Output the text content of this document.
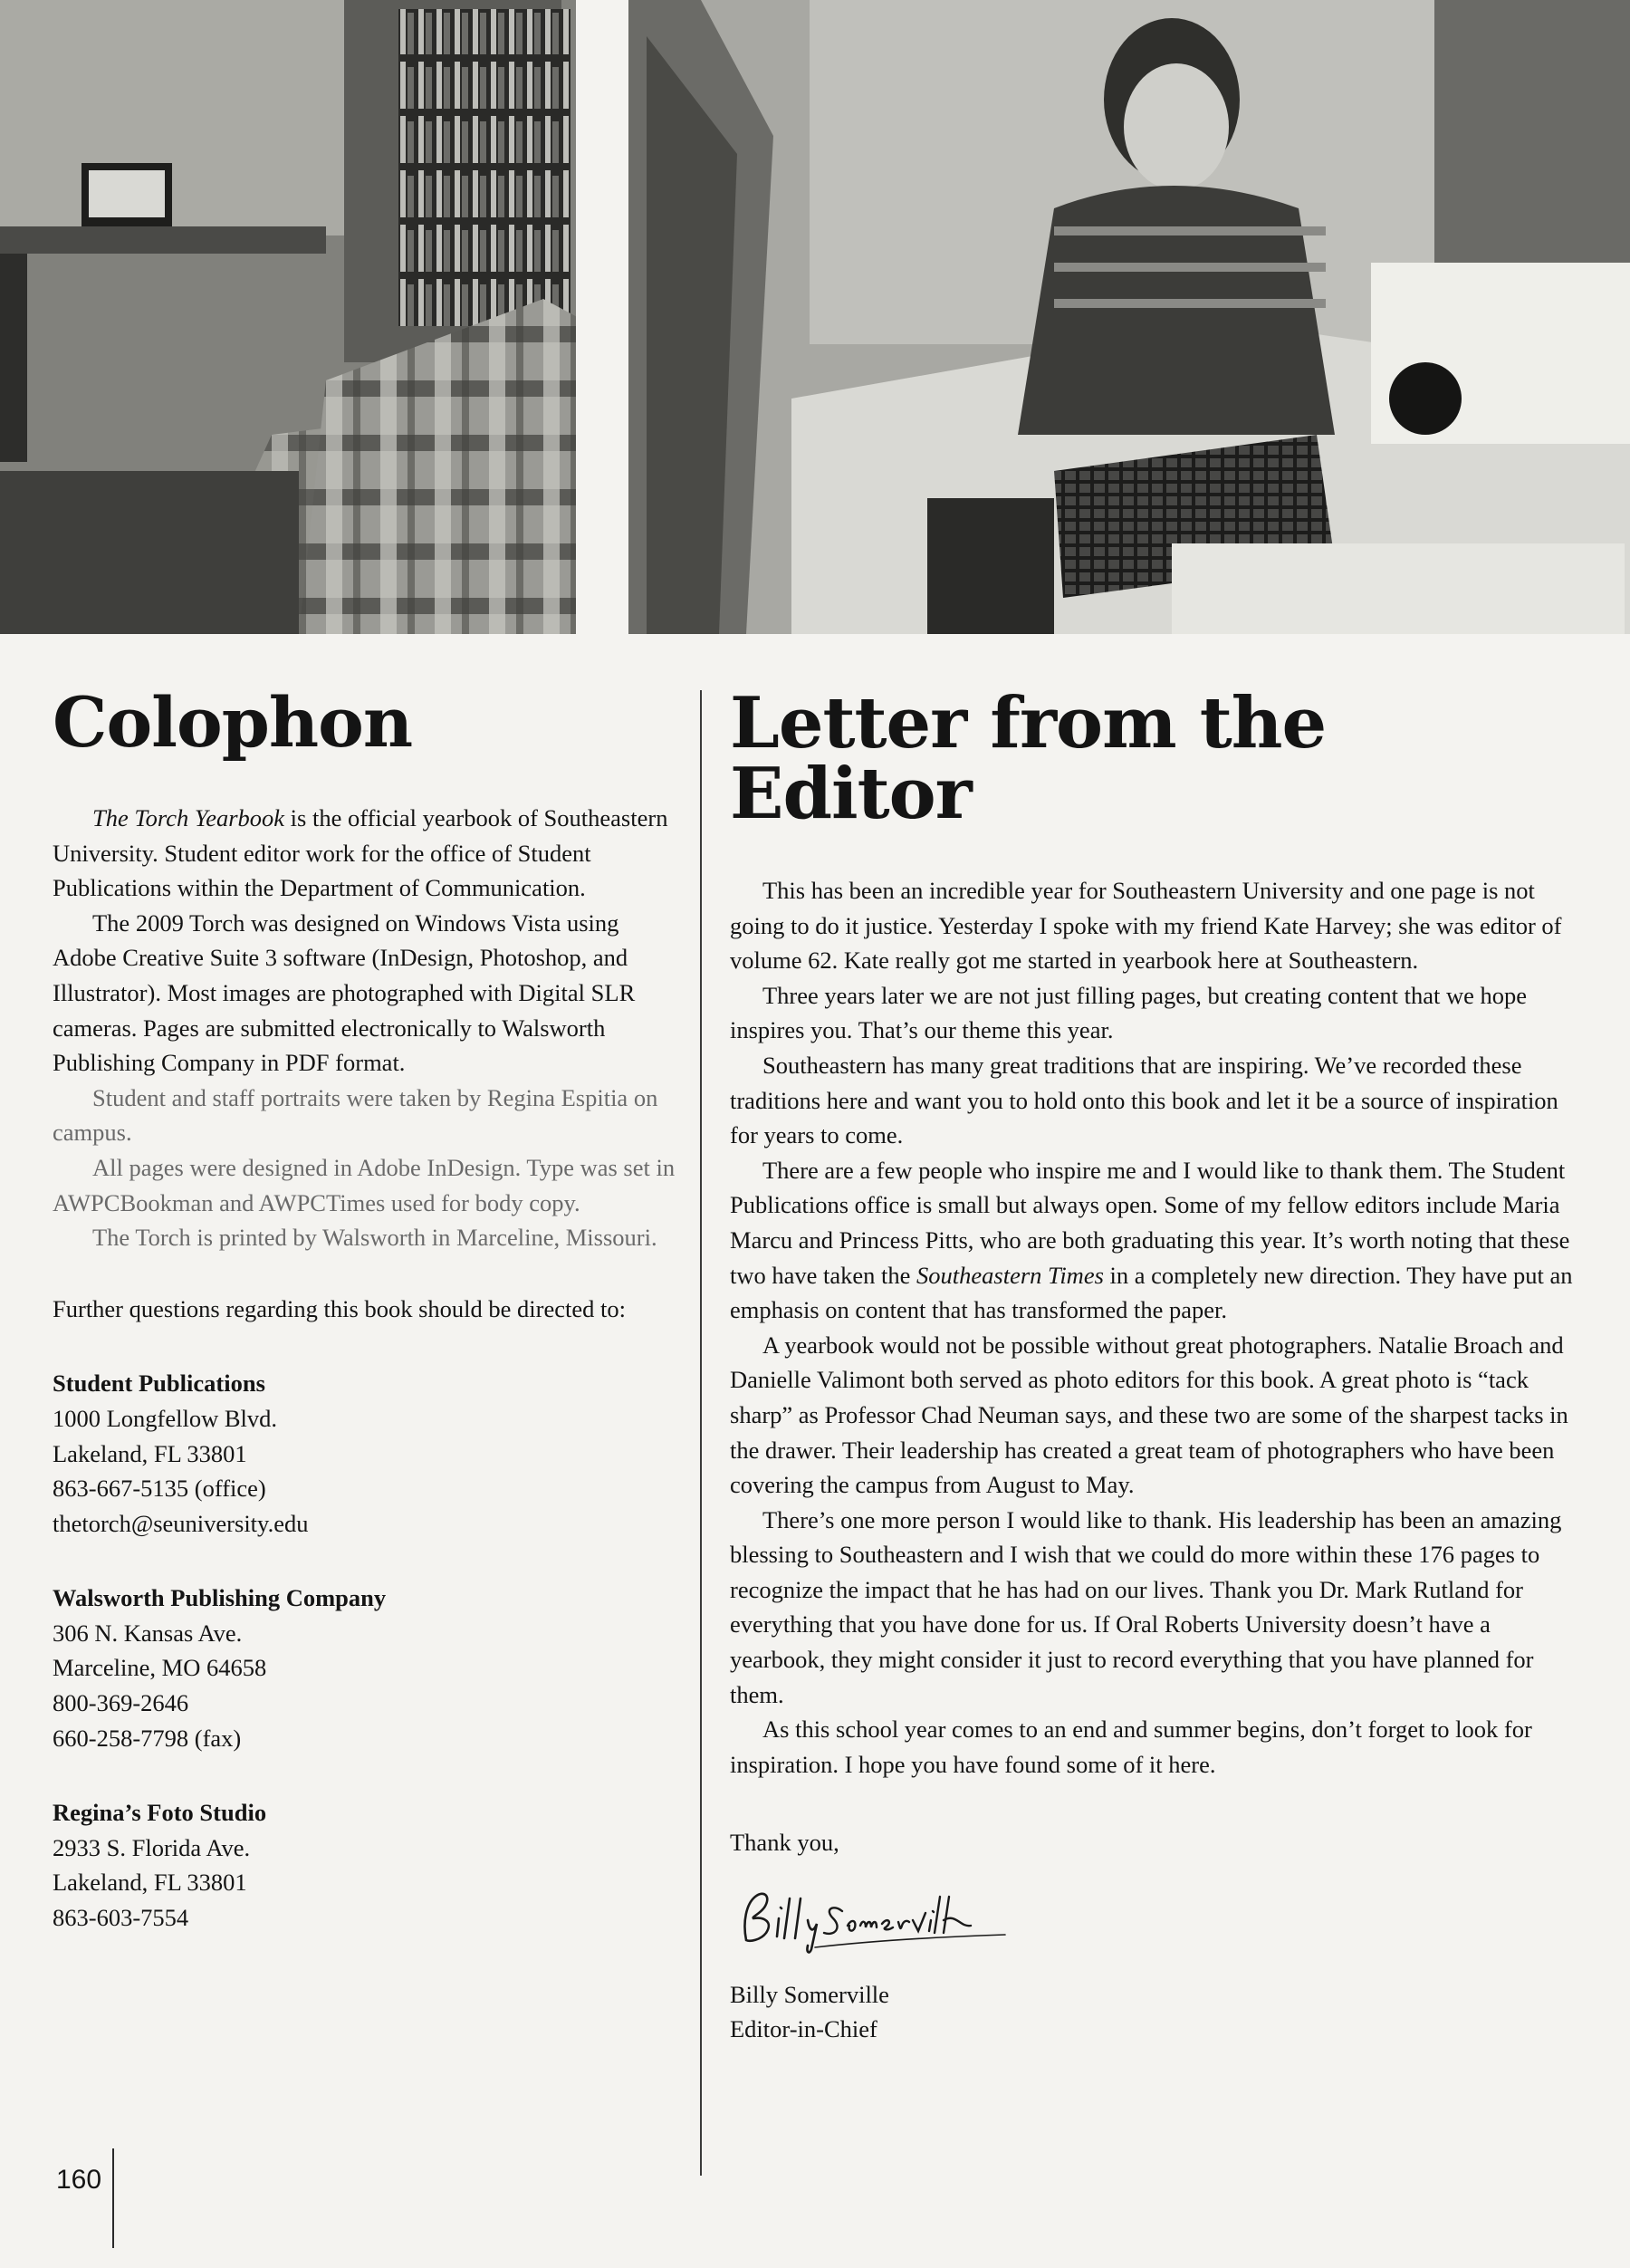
Colophon

The Torch Yearbook is the official yearbook of Southeastern University. Student editor work for the office of Student Publications within the Department of Communication.

The 2009 Torch was designed on Windows Vista using Adobe Creative Suite 3 software (InDesign, Photoshop, and Illustrator). Most images are photographed with Digital SLR cameras. Pages are submitted electronically to Walsworth Publishing Company in PDF format.

Student and staff portraits were taken by Regina Espitia on campus.

All pages were designed in Adobe InDesign. Type was set in AWPCBookman and AWPCTimes used for body copy.

The Torch is printed by Walsworth in Marceline, Missouri.

Further questions regarding this book should be directed to:

Student Publications
1000 Longfellow Blvd.
Lakeland, FL 33801
863-667-5135 (office)
thetorch@seuniversity.edu
Walsworth Publishing Company
306 N. Kansas Ave.
Marceline, MO 64658
800-369-2646
660-258-7798 (fax)
Regina’s Foto Studio
2933 S. Florida Ave.
Lakeland, FL 33801
863-603-7554
Letter from the Editor

This has been an incredible year for Southeastern University and one page is not going to do it justice. Yesterday I spoke with my friend Kate Harvey; she was editor of volume 62. Kate really got me started in yearbook here at Southeastern.

Three years later we are not just filling pages, but creating content that we hope inspires you. That’s our theme this year.

Southeastern has many great traditions that are inspiring. We’ve recorded these traditions here and want you to hold onto this book and let it be a source of inspiration for years to come.

There are a few people who inspire me and I would like to thank them. The Student Publications office is small but always open. Some of my fellow editors include Maria Marcu and Princess Pitts, who are both graduating this year. It’s worth noting that these two have taken the Southeastern Times in a completely new direction. They have put an emphasis on content that has transformed the paper.

A yearbook would not be possible without great photographers. Natalie Broach and Danielle Valimont both served as photo editors for this book. A great photo is “tack sharp” as Professor Chad Neuman says, and these two are some of the sharpest tacks in the drawer. Their leadership has created a great team of photographers who have been covering the campus from August to May.

There’s one more person I would like to thank. His leadership has been an amazing blessing to Southeastern and I wish that we could do more within these 176 pages to recognize the impact that he has had on our lives. Thank you Dr. Mark Rutland for everything that you have done for us. If Oral Roberts University doesn’t have a yearbook, they might consider it just to record everything that you have planned for them.

As this school year comes to an end and summer begins, don’t forget to look for inspiration. I hope you have found some of it here.

Thank you,
Billy Somerville
Editor-in-Chief
160
